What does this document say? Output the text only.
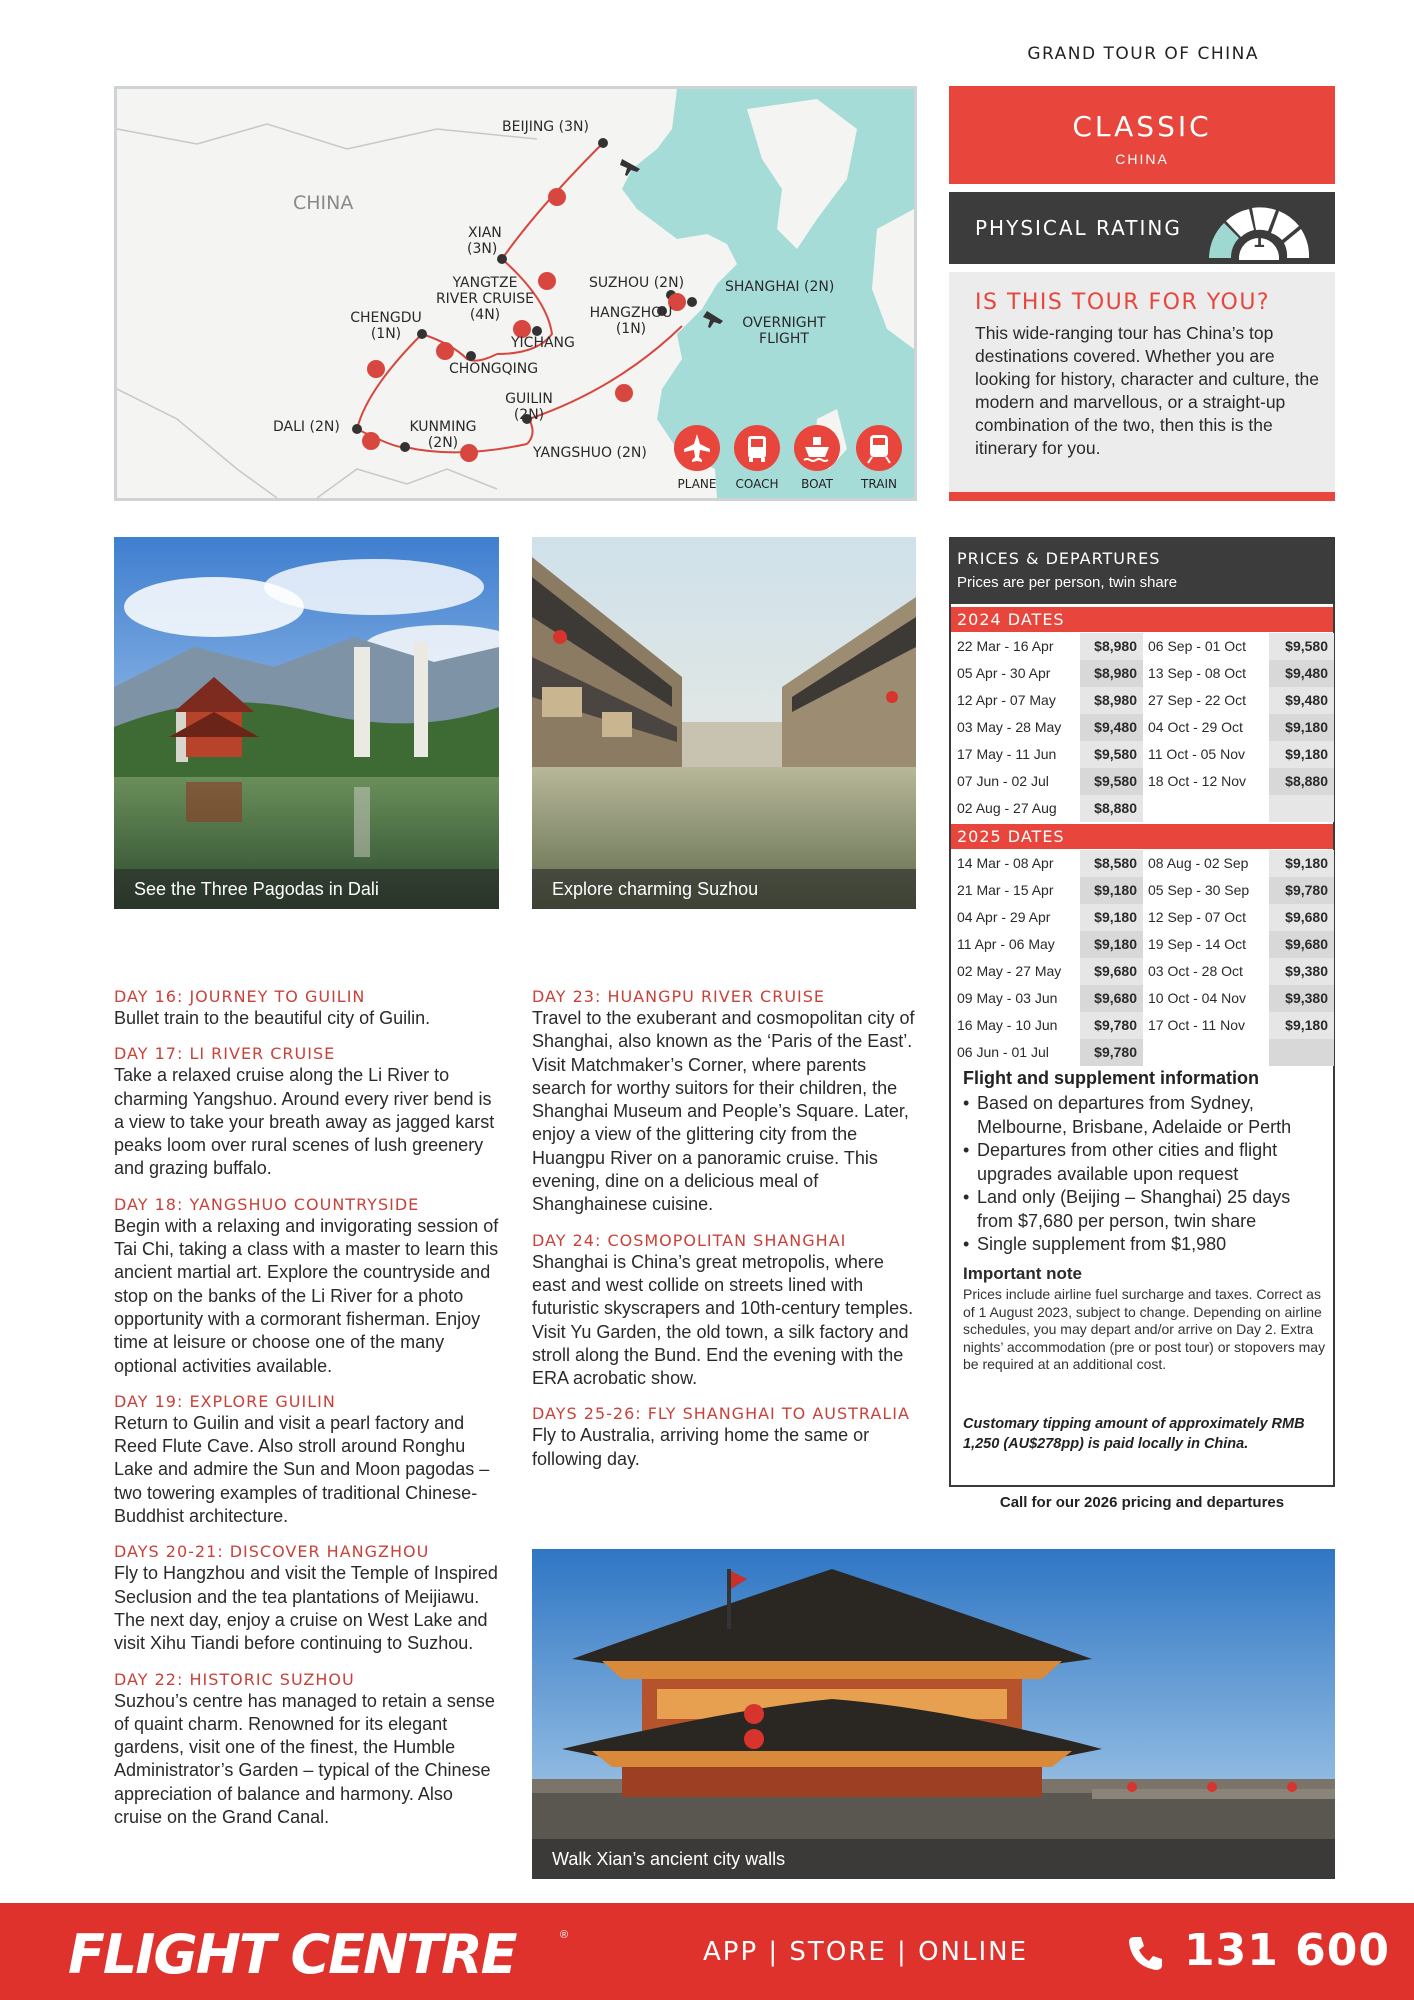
GRAND TOUR OF CHINA
CHINA
BEIJING (3N)
XIAN
(3N)
YANGTZE
RIVER CRUISE
(4N)
CHENGDU
(1N)
YICHANG
CHONGQING
SUZHOU (2N)	SHANGHAI (2N)
HANGZHOU
(1N)	OVERNIGHT
FLIGHT
GUILIN
(2N)
DALI (2N)	KUNMING
(2N)
YANGSHUO (2N)
PLANE	COACH	BOAT	TRAIN
CLASSIC
CHINA
PHYSICAL RATING
1
IS THIS TOUR FOR YOU?
This wide-ranging tour has China’s top destinations covered. Whether you are looking for history, character and culture, the modern and marvellous, or a straight-up combination of the two, then this is the itinerary for you.
See the Three Pagodas in Dali	Explore charming Suzhou
PRICES & DEPARTURES
Prices are per person, twin share
2024 DATES
22 Mar - 16 Apr	$8,980 06 Sep - 01 Oct	$9,580
05 Apr - 30 Apr	$8,980 13 Sep - 08 Oct	$9,480
12 Apr - 07 May	$8,980 27 Sep - 22 Oct	$9,480
03 May - 28 May	$9,480 04 Oct - 29 Oct	$9,180
17 May - 11 Jun	$9,580 11 Oct - 05 Nov	$9,180
07 Jun - 02 Jul	$9,580 18 Oct - 12 Nov	$8,880
02 Aug - 27 Aug	$8,880
2025 DATES
14 Mar - 08 Apr	$8,580 08 Aug - 02 Sep	$9,180
21 Mar - 15 Apr	$9,180 05 Sep - 30 Sep	$9,780
04 Apr - 29 Apr	$9,180 12 Sep - 07 Oct	$9,680
11 Apr - 06 May	$9,180 19 Sep - 14 Oct	$9,680
02 May - 27 May	$9,680 03 Oct - 28 Oct	$9,380
09 May - 03 Jun	$9,680 10 Oct - 04 Nov	$9,380
16 May - 10 Jun	$9,780 17 Oct - 11 Nov	$9,180
06 Jun - 01 Jul	$9,780
Flight and supplement information
• Based on departures from Sydney, Melbourne, Brisbane, Adelaide or Perth
• Departures from other cities and flight upgrades available upon request
• Land only (Beijing – Shanghai) 25 days from $7,680 per person, twin share
• Single supplement from $1,980
Important note
Prices include airline fuel surcharge and taxes. Correct as of 1 August 2023, subject to change. Depending on airline schedules, you may depart and/or arrive on Day 2. Extra nights’ accommodation (pre or post tour) or stopovers may be required at an additional cost.
Customary tipping amount of approximately RMB 1,250 (AU$278pp) is paid locally in China.
Call for our 2026 pricing and departures
DAY 16: JOURNEY TO GUILIN
Bullet train to the beautiful city of Guilin.
DAY 17: LI RIVER CRUISE
Take a relaxed cruise along the Li River to charming Yangshuo. Around every river bend is a view to take your breath away as jagged karst peaks loom over rural scenes of lush greenery and grazing buffalo.
DAY 18: YANGSHUO COUNTRYSIDE
Begin with a relaxing and invigorating session of Tai Chi, taking a class with a master to learn this ancient martial art. Explore the countryside and stop on the banks of the Li River for a photo opportunity with a cormorant fisherman. Enjoy time at leisure or choose one of the many optional activities available.
DAY 19: EXPLORE GUILIN
Return to Guilin and visit a pearl factory and Reed Flute Cave. Also stroll around Ronghu Lake and admire the Sun and Moon pagodas – two towering examples of traditional Chinese-Buddhist architecture.
DAYS 20-21: DISCOVER HANGZHOU
Fly to Hangzhou and visit the Temple of Inspired Seclusion and the tea plantations of Meijiawu. The next day, enjoy a cruise on West Lake and visit Xihu Tiandi before continuing to Suzhou.
DAY 22: HISTORIC SUZHOU
Suzhou’s centre has managed to retain a sense of quaint charm. Renowned for its elegant gardens, visit one of the finest, the Humble Administrator’s Garden – typical of the Chinese appreciation of balance and harmony. Also cruise on the Grand Canal.
DAY 23: HUANGPU RIVER CRUISE
Travel to the exuberant and cosmopolitan city of Shanghai, also known as the ‘Paris of the East’. Visit Matchmaker’s Corner, where parents search for worthy suitors for their children, the Shanghai Museum and People’s Square. Later, enjoy a view of the glittering city from the Huangpu River on a panoramic cruise. This evening, dine on a delicious meal of Shanghainese cuisine.
DAY 24: COSMOPOLITAN SHANGHAI
Shanghai is China’s great metropolis, where east and west collide on streets lined with futuristic skyscrapers and 10th-century temples. Visit Yu Garden, the old town, a silk factory and stroll along the Bund. End the evening with the ERA acrobatic show.
DAYS 25-26: FLY SHANGHAI TO AUSTRALIA
Fly to Australia, arriving home the same or following day.
Walk Xian’s ancient city walls
FLIGHT CENTRE	®
APP | STORE | ONLINE	131 600
